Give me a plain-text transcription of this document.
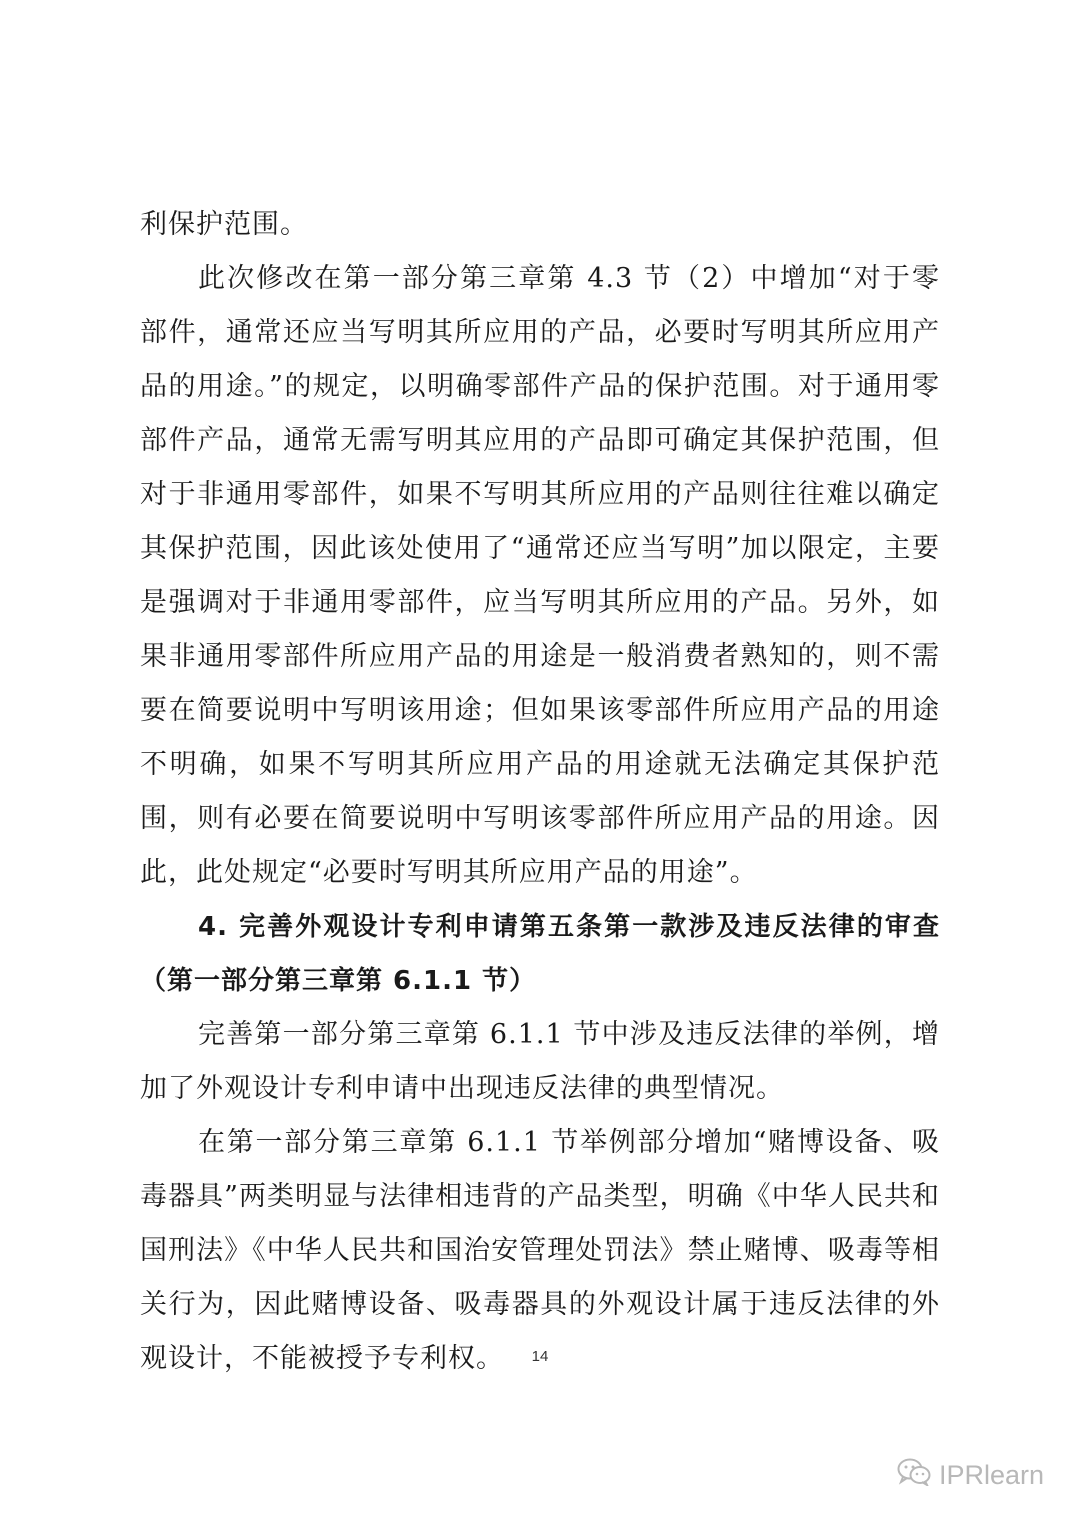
利保护范围。

此次修改在第一部分第三章第 4.3 节（2）中增加“对于零部件，通常还应当写明其所应用的产品，必要时写明其所应用产品的用途。”的规定，以明确零部件产品的保护范围。对于通用零部件产品，通常无需写明其应用的产品即可确定其保护范围，但对于非通用零部件，如果不写明其所应用的产品则往往难以确定其保护范围，因此该处使用了“通常还应当写明”加以限定，主要是强调对于非通用零部件，应当写明其所应用的产品。另外，如果非通用零部件所应用产品的用途是一般消费者熟知的，则不需要在简要说明中写明该用途；但如果该零部件所应用产品的用途不明确，如果不写明其所应用产品的用途就无法确定其保护范围，则有必要在简要说明中写明该零部件所应用产品的用途。因此，此处规定“必要时写明其所应用产品的用途”。

4. 完善外观设计专利申请第五条第一款涉及违反法律的审查（第一部分第三章第 6.1.1 节）

完善第一部分第三章第 6.1.1 节中涉及违反法律的举例，增加了外观设计专利申请中出现违反法律的典型情况。

在第一部分第三章第 6.1.1 节举例部分增加“赌博设备、吸毒器具”两类明显与法律相违背的产品类型，明确《中华人民共和国刑法》《中华人民共和国治安管理处罚法》禁止赌博、吸毒等相关行为，因此赌博设备、吸毒器具的外观设计属于违反法律的外观设计，不能被授予专利权。	14
IPRlearn
